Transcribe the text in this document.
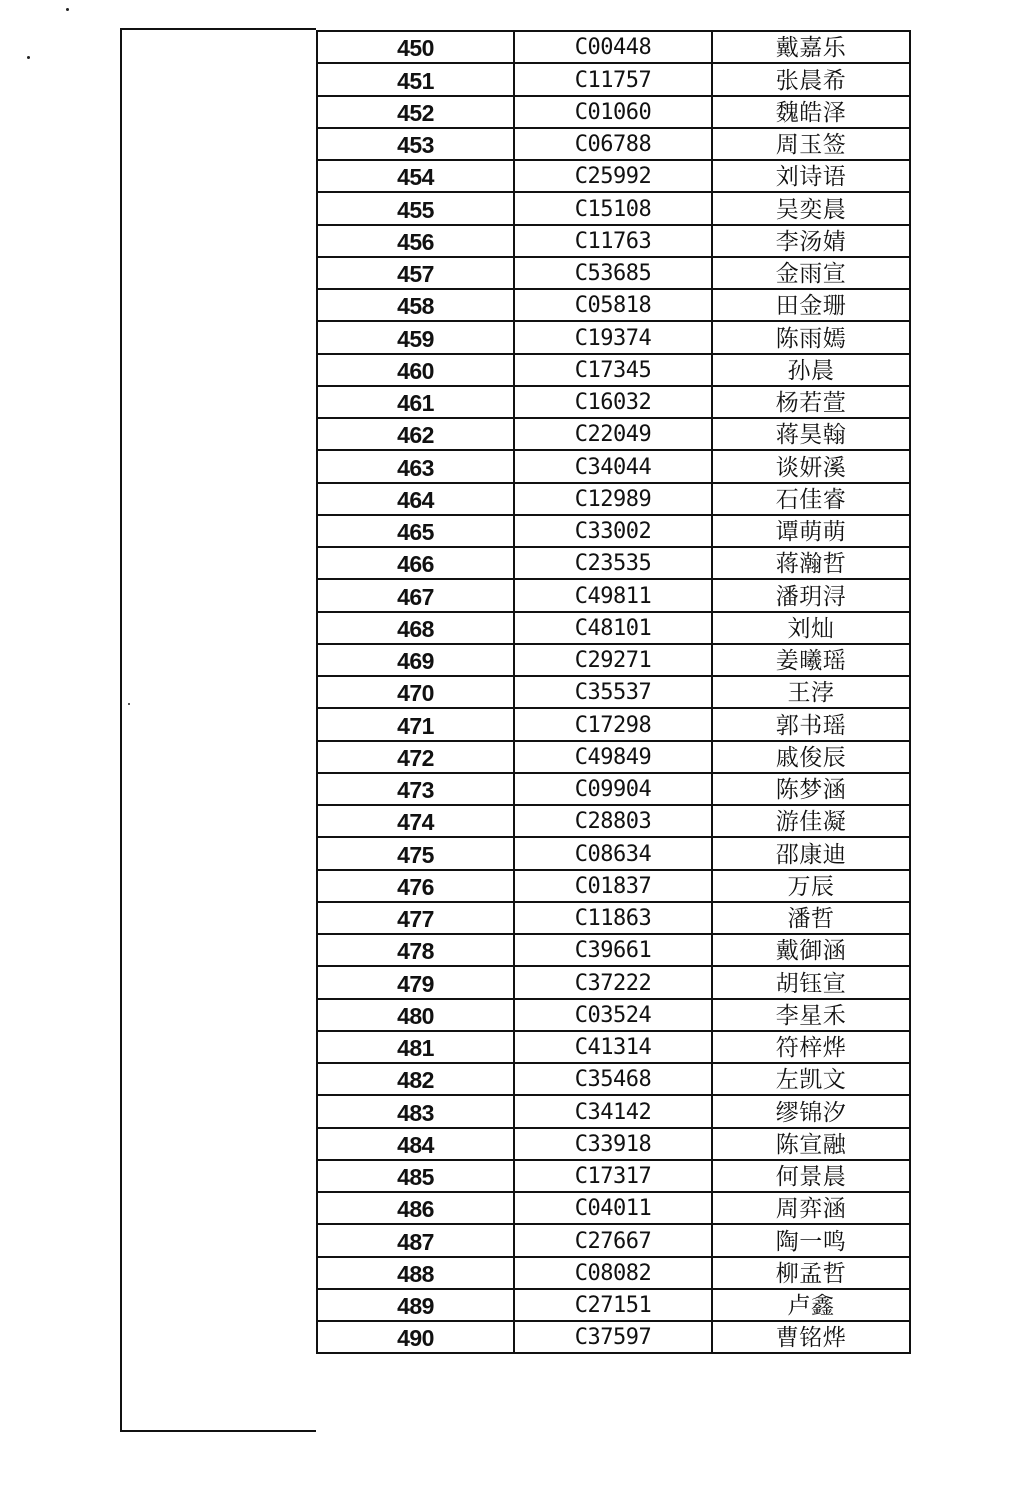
450	C00448	戴嘉乐
451	C11757	张晨希
452	C01060	魏皓泽
453	C06788	周玉签
454	C25992	刘诗语
455	C15108	吴奕晨
456	C11763	李汤婧
457	C53685	金雨宣
458	C05818	田金珊
459	C19374	陈雨嫣
460	C17345	孙晨
461	C16032	杨若萱
462	C22049	蒋昊翰
463	C34044	谈妍溪
464	C12989	石佳睿
465	C33002	谭萌萌
466	C23535	蒋瀚哲
467	C49811	潘玥浔
468	C48101	刘灿
469	C29271	姜曦瑶
470	C35537	王浡
471	C17298	郭书瑶
472	C49849	戚俊辰
473	C09904	陈梦涵
474	C28803	游佳凝
475	C08634	邵康迪
476	C01837	万辰
477	C11863	潘哲
478	C39661	戴御涵
479	C37222	胡钰宣
480	C03524	李星禾
481	C41314	符梓烨
482	C35468	左凯文
483	C34142	缪锦汐
484	C33918	陈宣融
485	C17317	何景晨
486	C04011	周弈涵
487	C27667	陶一鸣
488	C08082	柳孟哲
489	C27151	卢鑫
490	C37597	曹铭烨
